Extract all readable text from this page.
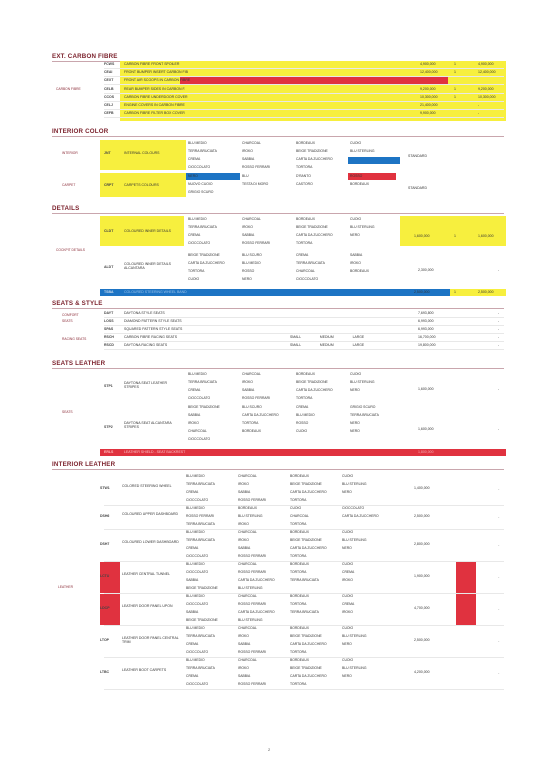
EXT. CARBON FIBRE
CARBON FIBRE
FCWS	CARBON FIBRE FRONT SPOILER	4,900,000	1	4,900,000
CEAI	FRONT BUMPER INSERT CARBON FIB	12,400,000	1	12,400,000
CEXT	FRONT AIR SCOOPS IN CARBON FIBRE
CELB	REAR BUMPER SIDES IN CARBON F.	9,200,000	1	9,200,000
CCOS	CARBON FIBRE UNDERDOOR COVER	10,300,000	1	10,300,000
CELJ	ENGINE COVERS IN CARBON FIBRE	21,400,000	-
CEFB	CARBON FIBRE FILTER BOX COVER	9,900,000	-
INTERIOR COLOR
INTERIOR	JNT	INTERNAL COLOURS
BLU MEDIO	CHARCOAL	BORDEAUX	CUOIO
TERRA BRUCIATA	IROKO	BEIGE TRADIZIONE	BLU STERLING
CREMA	SABBIA	CARTA DA ZUCCHERO
CIOCCOLATO	ROSSO FERRARI	TORTORA
STANDARD
CARPET	CRPT	CARPETS COLOURS
NERO	BLU	D'RANTO	ROSSO
NUOVO CUOIO	TESTA DI MORO	CASTORO	BORDEAUX
GRIGIO SCURO
STANDARD
DETAILS
CLDT	COLOURED INNER DETAILS
BLU MEDIO	CHARCOAL	BORDEAUX	CUOIO
TERRA BRUCIATA	IROKO	BEIGE TRADIZIONE	BLU STERLING
CREMA	SABBIA	CARTA DA ZUCCHERO	NERO
CIOCCOLATO	ROSSO FERRARI	TORTORA
1,600,000	1	1,600,000
COCKPIT DETAILS
ALDT
COLOURED INNER DETAILS ALCANTARA
BEIGE TRADIZIONE	BLU SCURO	CREMA	SABBIA
CARTA DA ZUCCHERO	BLU MEDIO	TERRA BRUCIATA	IROKO
TORTORA	ROSSO	CHARCOAL	BORDEAUX
CUOIO	NERO	CIOCCOLATO
2,300,000	-
TSBA	COLOURED STEERING WHEEL BAND	2,500,000	1	2,500,000
SEATS & STYLE
COMFORT	DAYT	DAYTONA STYLE SEATS	7,693,800	-
SEATS	LOSS	DIAMOND PATTERN STYLE SEATS	6,993,000	-
SPAS	SQUARED PATTERN STYLE SEATS	6,993,000	-
RACING SEATS	RSCH	CARBON FIBRE RACING SEATS	SMALL MEDIUM LARGE	16,700,000	-
RSCD	DAYTONA RACING SEATS	SMALL MEDIUM LARGE	19,800,000	-
SEATS LEATHER
STP1
DAYTONA SEAT LEATHER STRIPES
BLU MEDIO	CHARCOAL	BORDEAUX	CUOIO
TERRA BRUCIATA	IROKO	BEIGE TRADIZIONE	BLU STERLING
CREMA	SABBIA	CARTA DA ZUCCHERO	NERO
CIOCCOLATO	ROSSO FERRARI	TORTORA
1,600,000	-
SEATS
STP2
DAYTONA SEAT ALCANTARA STRIPES
BEIGE TRADIZIONE	BLU SCURO	CREMA	GRIGIO SCURO
SABBIA	CARTA DA ZUCCHERO	BLU MEDIO	TERRA BRUCIATA
IROKO	TORTORA	ROSSO	NERO
CHARCOAL	BORDEAUX	CUOIO	NERO
CIOCCOLATO
1,600,000	-
ERLS	LEATHER SHIELD - SEAT BACKREST	1,800,000
INTERIOR LEATHER
STW1	COLORED STEERING WHEEL
BLU MEDIO	CHARCOAL	BORDEAUX	CUOIO
TERRA BRUCIATA	IROKO	BEIGE TRADIZIONE	BLU STERLING
CREMA	SABBIA	CARTA DA ZUCCHERO	NERO
CIOCCOLATO	ROSSO FERRARI	TORTORA
1,400,000	-
DSH6	COLOURED UPPER DASHBOARD
BLU MEDIO	BORDEAUX	CUOIO	CIOCCOLATO
ROSSO FERRARI	BLU STERLING	CHARCOAL	CARTA DA ZUCCHERO
TERRA BRUCIATA	IROKO	TORTORA
2,500,000	-
DSH7	COLOURED LOWER DASHBOARD
BLU MEDIO	CHARCOAL	BORDEAUX	CUOIO
TERRA BRUCIATA	IROKO	BEIGE TRADIZIONE	BLU STERLING
CREMA	SABBIA	CARTA DA ZUCCHERO	NERO
CIOCCOLATO	ROSSO FERRARI	TORTORA
2,800,000	-
LCTU	LEATHER CENTRAL TUNNEL
BLU MEDIO	CHARCOAL	BORDEAUX	CUOIO
CIOCCOLATO	ROSSO FERRARI	TORTORA	CREMA
SABBIA	CARTA DA ZUCCHERO	TERRA BRUCIATA	IROKO
BEIGE TRADIZIONE	BLU STERLING
1,900,000	-
LDCP	LEATHER DOOR PANEL UPON
BLU MEDIO	CHARCOAL	BORDEAUX	CUOIO
CIOCCOLATO	ROSSO FERRARI	TORTORA	CREMA
SABBIA	CARTA DA ZUCCHERO	TERRA BRUCIATA	IROKO
BEIGE TRADIZIONE	BLU STERLING
4,700,000	-
LTOP	LEATHER DOOR PANEL CENTRAL TRIM
BLU MEDIO	CHARCOAL	BORDEAUX	CUOIO
TERRA BRUCIATA	IROKO	BEIGE TRADIZIONE	BLU STERLING
CREMA	SABBIA	CARTA DA ZUCCHERO	NERO
CIOCCOLATO	ROSSO FERRARI	TORTORA
2,500,000	-
LTBC	LEATHER BOOT CARPETS
BLU MEDIO	CHARCOAL	BORDEAUX	CUOIO
TERRA BRUCIATA	IROKO	BEIGE TRADIZIONE	BLU STERLING
CREMA	SABBIA	CARTA DA ZUCCHERO	NERO
CIOCCOLATO	ROSSO FERRARI	TORTORA
4,200,000	-
LEATHER
2
